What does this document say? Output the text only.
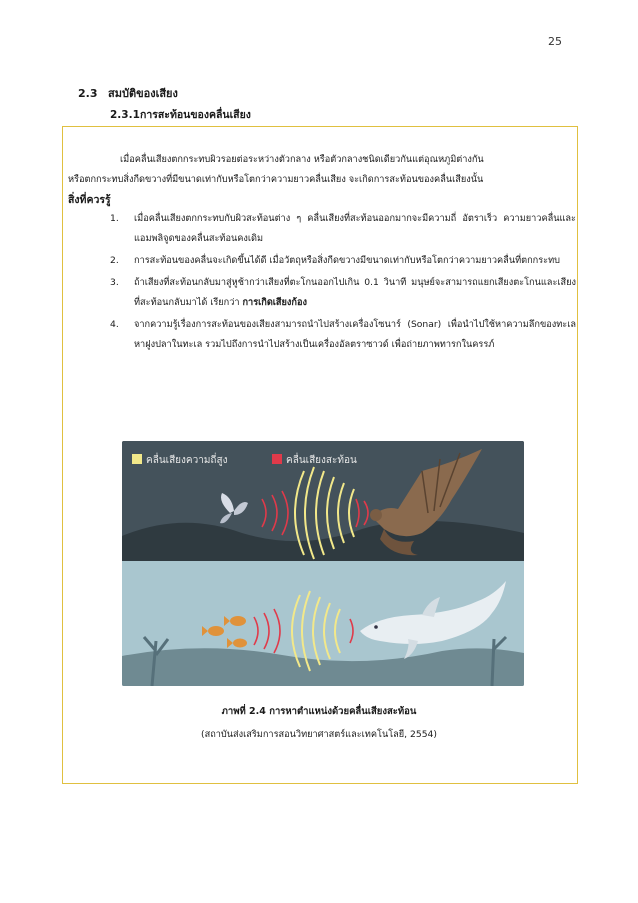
25
2.3 สมบัติของเสียง
2.3.1การสะท้อนของคลื่นเสียง
เมื่อคลื่นเสียงตกกระทบผิวรอยต่อระหว่างตัวกลาง หรือตัวกลางชนิดเดียวกันแต่อุณหภูมิต่างกัน
หรือตกกระทบสิ่งกีดขวางที่มีขนาดเท่ากับหรือโตกว่าความยาวคลื่นเสียง จะเกิดการสะท้อนของคลื่นเสียงนั้น
สิ่งที่ควรรู้
1.	เมื่อคลื่นเสียงตกกระทบกับผิวสะท้อนต่าง ๆ คลื่นเสียงที่สะท้อนออกมากจะมีความถี่ อัตราเร็ว ความยาวคลื่นและแอมพลิจูดของคลื่นสะท้อนคงเดิม
2.	การสะท้อนของคลื่นจะเกิดขึ้นได้ดี เมื่อวัตถุหรือสิ่งกีดขวางมีขนาดเท่ากับหรือโตกว่าความยาวคลื่นที่ตกกระทบ
3.	ถ้าเสียงที่สะท้อนกลับมาสู่หูช้ากว่าเสียงที่ตะโกนออกไปเกิน 0.1 วินาที มนุษย์จะสามารถแยกเสียงตะโกนและเสียงที่สะท้อนกลับมาได้ เรียกว่า การเกิดเสียงก้อง
4.	จากความรู้เรื่องการสะท้อนของเสียงสามารถนำไปสร้างเครื่องโซนาร์ (Sonar) เพื่อนำไปใช้หาความลึกของทะเล หาฝูงปลาในทะเล รวมไปถึงการนำไปสร้างเป็นเครื่องอัลตราซาวด์ เพื่อถ่ายภาพทารกในครรภ์
คลื่นเสียงความถี่สูง	คลื่นเสียงสะท้อน
ภาพที่ 2.4 การหาตำแหน่งด้วยคลื่นเสียงสะท้อน
(สถาบันส่งเสริมการสอนวิทยาศาสตร์และเทคโนโลยี, 2554)
